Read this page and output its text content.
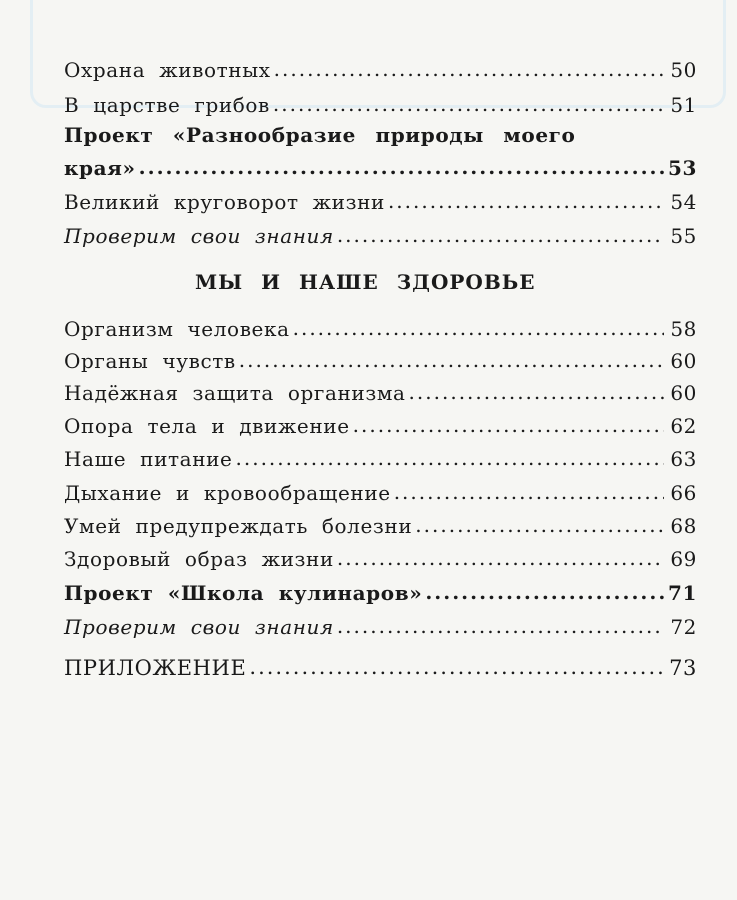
Охрана животных .....	50
В царстве грибов .....	51
Проект «Разнообразие природы моего
края» .....	53
Великий круговорот жизни .....	54
Проверим свои знания .....	55
МЫ И НАШЕ ЗДОРОВЬЕ
Организм человека .....	58
Органы чувств .....	60
Надёжная защита организма .....	60
Опора тела и движение .....	62
Наше питание .....	63
Дыхание и кровообращение .....	66
Умей предупреждать болезни .....	68
Здоровый образ жизни .....	69
Проект «Школа кулинаров» .....	71
Проверим свои знания .....	72
ПРИЛОЖЕНИЕ .....	73
